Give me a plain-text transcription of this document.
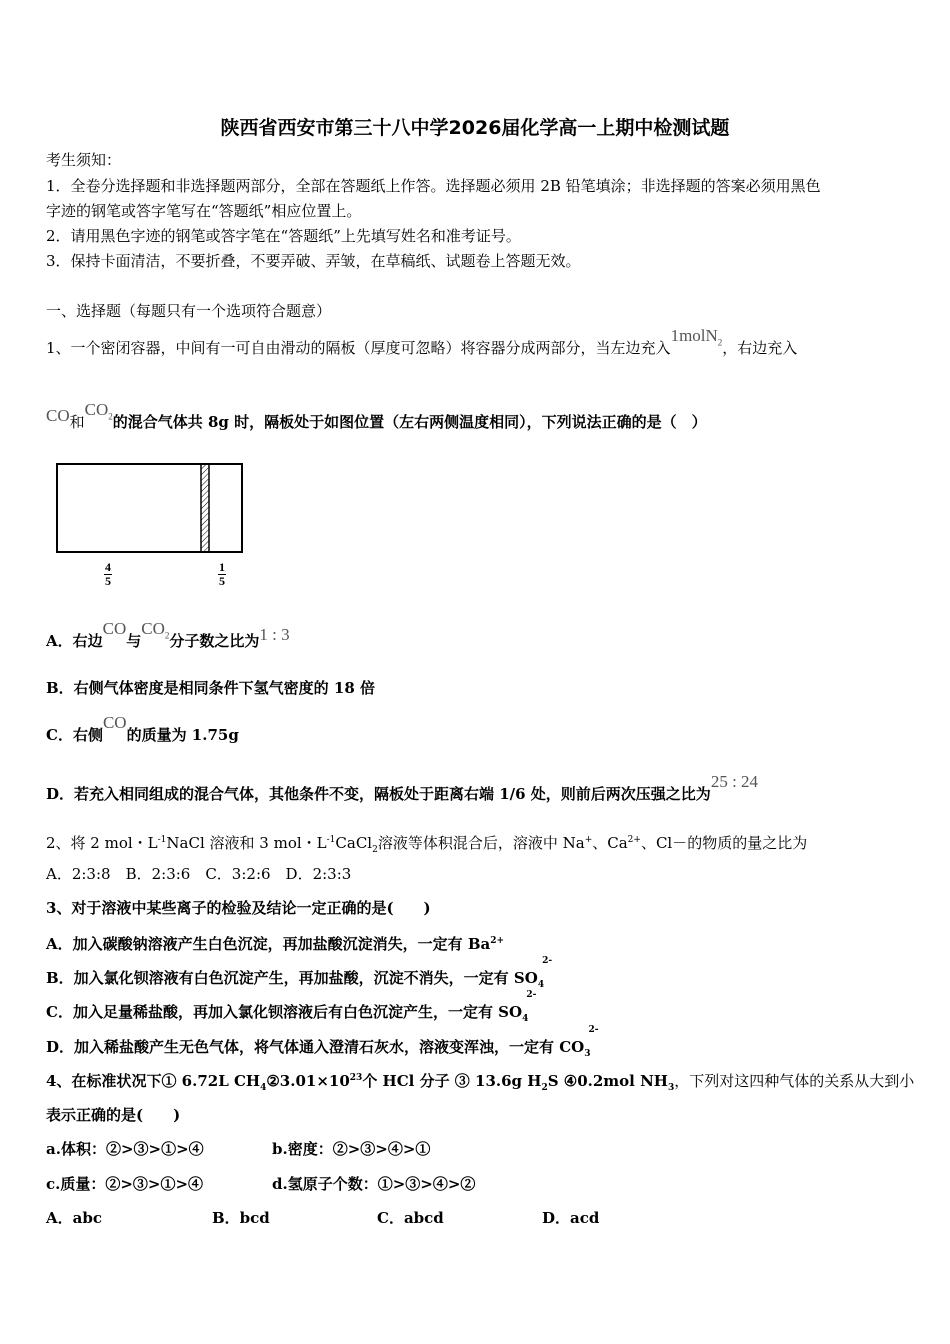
陕西省西安市第三十八中学2026届化学高一上期中检测试题
考生须知：
1．全卷分选择题和非选择题两部分，全部在答题纸上作答。选择题必须用 2B 铅笔填涂；非选择题的答案必须用黑色
字迹的钢笔或答字笔写在“答题纸”相应位置上。
2．请用黑色字迹的钢笔或答字笔在“答题纸”上先填写姓名和准考证号。
3．保持卡面清洁，不要折叠，不要弄破、弄皱，在草稿纸、试题卷上答题无效。
一、选择题（每题只有一个选项符合题意）
1、一个密闭容器，中间有一可自由滑动的隔板（厚度可忽略）将容器分成两部分，当左边充入1molN$_2$，右边充入
CO和$CO_2$的混合气体共 8g 时，隔板处于如图位置（左右两侧温度相同），下列说法正确的是（　）
$\frac{4}{5}$	$\frac{1}{5}$
A．右边CO与$CO_2$分子数之比为1 : 3
B．右侧气体密度是相同条件下氢气密度的 18 倍
C．右侧CO的质量为 1.75g
D．若充入相同组成的混合气体，其他条件不变，隔板处于距离右端 1/6 处，则前后两次压强之比为25 : 24
2、将 2 mol・$L^{-1}NaCl$ 溶液和 3 mol・$L^{-1}CaCl_2$溶液等体积混合后，溶液中 Na+、$Ca^{2+}$、Cl－的物质的量之比为
A．2:3:8　B．2:3:6　C．3:2:6　D．2:3:3
3、对于溶液中某些离子的检验及结论一定正确的是(　　)
A．加入碳酸钠溶液产生白色沉淀，再加盐酸沉淀消失，一定有 $Ba^{2+}$
B．加入氯化钡溶液有白色沉淀产生，再加盐酸，沉淀不消失，一定有 $SO_4^{2-}$
C．加入足量稀盐酸，再加入氯化钡溶液后有白色沉淀产生，一定有 $SO_4^{2-}$
D．加入稀盐酸产生无色气体，将气体通入澄清石灰水，溶液变浑浊，一定有 $CO_3^{2-}$
4、在标准状况下① 6.72L $CH_4②3.01\times 10^{23}$个 HCl 分子 ③ 13.6g $H_2S$ ④0.2mol $NH_3$，下列对这四种气体的关系从大到小
表示正确的是(　　)
a.体积：②>③>①>④	b.密度：②>③>④>①
c.质量：②>③>①>④	d.氢原子个数：①>③>④>②
A．abc	B．bcd	C．abcd	D．acd
